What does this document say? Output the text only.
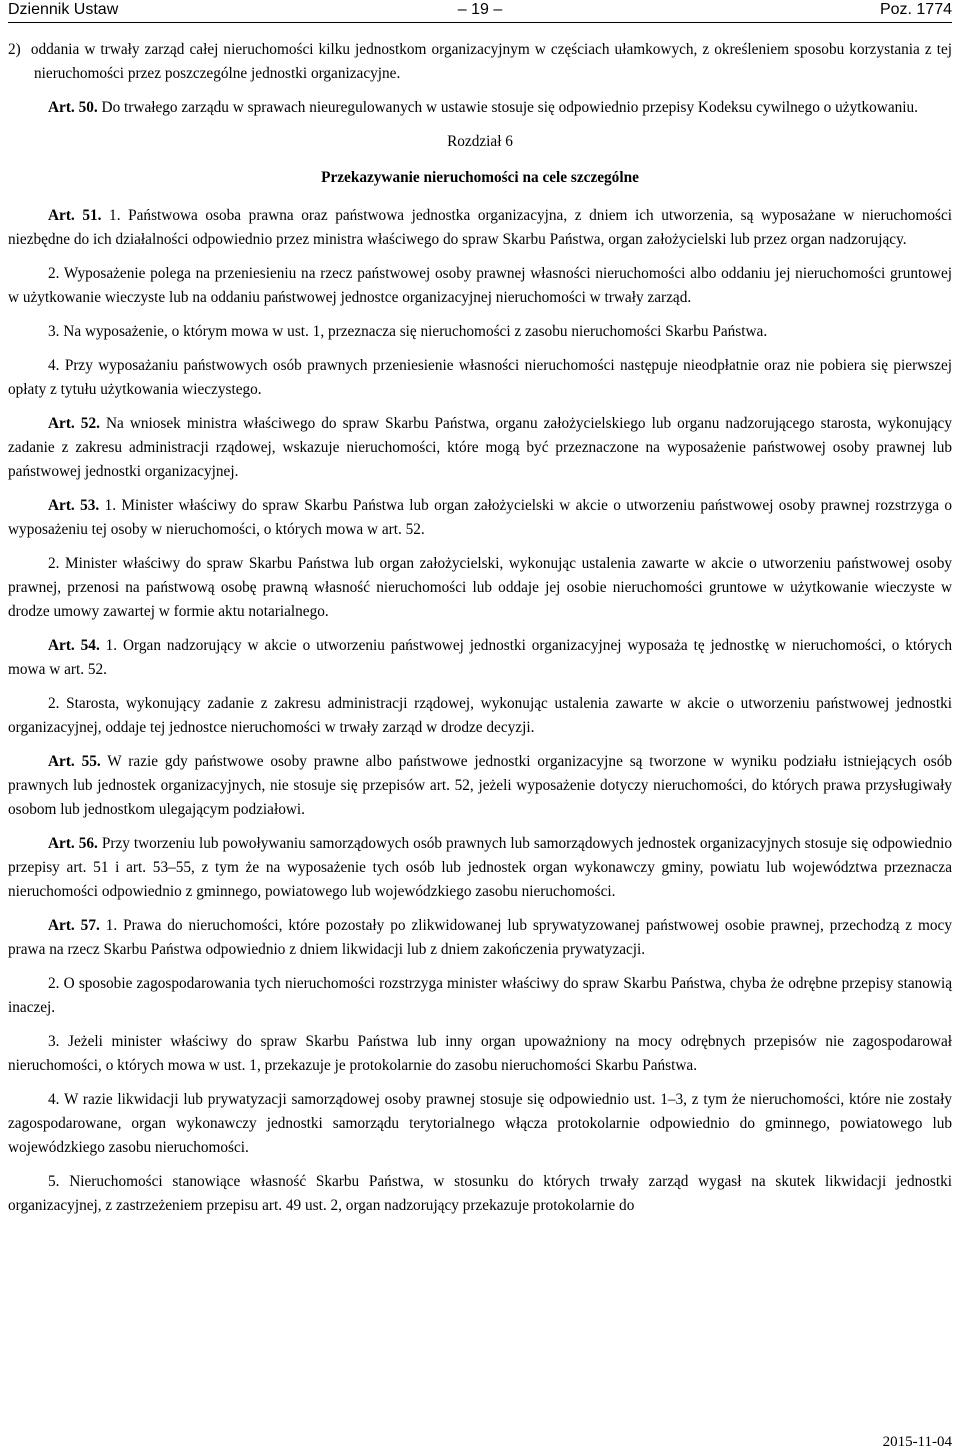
Dziennik Ustaw	– 19 –	Poz. 1774

2)  oddania w trwały zarząd całej nieruchomości kilku jednostkom organizacyjnym w częściach ułamkowych, z określeniem sposobu korzystania z tej nieruchomości przez poszczególne jednostki organizacyjne.

Art. 50. Do trwałego zarządu w sprawach nieuregulowanych w ustawie stosuje się odpowiednio przepisy Kodeksu cywilnego o użytkowaniu.

Rozdział 6

Przekazywanie nieruchomości na cele szczególne

Art. 51. 1. Państwowa osoba prawna oraz państwowa jednostka organizacyjna, z dniem ich utworzenia, są wyposażane w nieruchomości niezbędne do ich działalności odpowiednio przez ministra właściwego do spraw Skarbu Państwa, organ założycielski lub przez organ nadzorujący.

2. Wyposażenie polega na przeniesieniu na rzecz państwowej osoby prawnej własności nieruchomości albo oddaniu jej nieruchomości gruntowej w użytkowanie wieczyste lub na oddaniu państwowej jednostce organizacyjnej nieruchomości w trwały zarząd.

3. Na wyposażenie, o którym mowa w ust. 1, przeznacza się nieruchomości z zasobu nieruchomości Skarbu Państwa.

4. Przy wyposażaniu państwowych osób prawnych przeniesienie własności nieruchomości następuje nieodpłatnie oraz nie pobiera się pierwszej opłaty z tytułu użytkowania wieczystego.

Art. 52. Na wniosek ministra właściwego do spraw Skarbu Państwa, organu założycielskiego lub organu nadzorującego starosta, wykonujący zadanie z zakresu administracji rządowej, wskazuje nieruchomości, które mogą być przeznaczone na wyposażenie państwowej osoby prawnej lub państwowej jednostki organizacyjnej.

Art. 53. 1. Minister właściwy do spraw Skarbu Państwa lub organ założycielski w akcie o utworzeniu państwowej osoby prawnej rozstrzyga o wyposażeniu tej osoby w nieruchomości, o których mowa w art. 52.

2. Minister właściwy do spraw Skarbu Państwa lub organ założycielski, wykonując ustalenia zawarte w akcie o utworzeniu państwowej osoby prawnej, przenosi na państwową osobę prawną własność nieruchomości lub oddaje jej osobie nieruchomości gruntowe w użytkowanie wieczyste w drodze umowy zawartej w formie aktu notarialnego.

Art. 54. 1. Organ nadzorujący w akcie o utworzeniu państwowej jednostki organizacyjnej wyposaża tę jednostkę w nieruchomości, o których mowa w art. 52.

2. Starosta, wykonujący zadanie z zakresu administracji rządowej, wykonując ustalenia zawarte w akcie o utworzeniu państwowej jednostki organizacyjnej, oddaje tej jednostce nieruchomości w trwały zarząd w drodze decyzji.

Art. 55. W razie gdy państwowe osoby prawne albo państwowe jednostki organizacyjne są tworzone w wyniku podziału istniejących osób prawnych lub jednostek organizacyjnych, nie stosuje się przepisów art. 52, jeżeli wyposażenie dotyczy nieruchomości, do których prawa przysługiwały osobom lub jednostkom ulegającym podziałowi.

Art. 56. Przy tworzeniu lub powoływaniu samorządowych osób prawnych lub samorządowych jednostek organizacyjnych stosuje się odpowiednio przepisy art. 51 i art. 53–55, z tym że na wyposażenie tych osób lub jednostek organ wykonawczy gminy, powiatu lub województwa przeznacza nieruchomości odpowiednio z gminnego, powiatowego lub wojewódzkiego zasobu nieruchomości.

Art. 57. 1. Prawa do nieruchomości, które pozostały po zlikwidowanej lub sprywatyzowanej państwowej osobie prawnej, przechodzą z mocy prawa na rzecz Skarbu Państwa odpowiednio z dniem likwidacji lub z dniem zakończenia prywatyzacji.

2. O sposobie zagospodarowania tych nieruchomości rozstrzyga minister właściwy do spraw Skarbu Państwa, chyba że odrębne przepisy stanowią inaczej.

3. Jeżeli minister właściwy do spraw Skarbu Państwa lub inny organ upoważniony na mocy odrębnych przepisów nie zagospodarował nieruchomości, o których mowa w ust. 1, przekazuje je protokolarnie do zasobu nieruchomości Skarbu Państwa.

4. W razie likwidacji lub prywatyzacji samorządowej osoby prawnej stosuje się odpowiednio ust. 1–3, z tym że nieruchomości, które nie zostały zagospodarowane, organ wykonawczy jednostki samorządu terytorialnego włącza protokolarnie odpowiednio do gminnego, powiatowego lub wojewódzkiego zasobu nieruchomości.

5. Nieruchomości stanowiące własność Skarbu Państwa, w stosunku do których trwały zarząd wygasł na skutek likwidacji jednostki organizacyjnej, z zastrzeżeniem przepisu art. 49 ust. 2, organ nadzorujący przekazuje protokolarnie do

2015-11-04
